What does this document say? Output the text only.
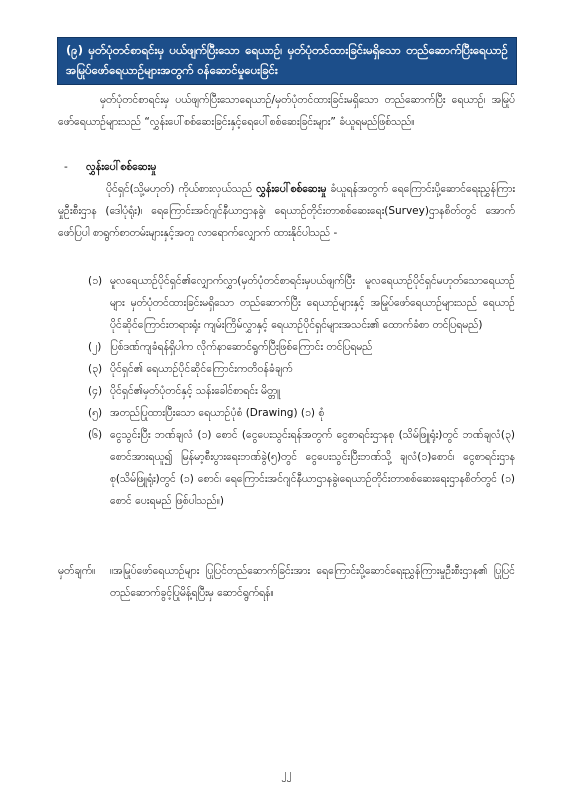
(၉) မှတ်ပုံတင်စာရင်းမှ ပယ်ဖျက်ပြီးသော ရေယာဉ်၊ မှတ်ပုံတင်ထားခြင်းမရှိသော တည်ဆောက်ပြီးရေယာဉ် အမြုပ်ဖော်ရေယာဉ်များအတွက် ဝန်ဆောင်မှုပေးခြင်း
မှတ်ပုံတင်စာရင်းမှ ပယ်ဖျက်ပြီးသောရေယာဉ်/မှတ်ပုံတင်ထားခြင်းမရှိသော တည်ဆောက်ပြီး ရေယာဉ်၊ အမြုပ်ဖော်ရေယာဉ်များသည် “လွှန်းပေါ်စစ်ဆေးခြင်းနှင့်ရေပေါ်စစ်ဆေးခြင်းများ” ခံယူရမည်ဖြစ်သည်။
- လွှန်းပေါ်စစ်ဆေးမှု
ပိုင်ရှင်(သို့မဟုတ်) ကိုယ်စားလှယ်သည် လွှန်းပေါ်စစ်ဆေးမှု ခံယူရန်အတွက် ရေကြောင်းပို့ဆောင်ရေးညွှန်ကြားမှုဦးစီးဌာန (ဒေါပုံရုံး)၊ ရေကြောင်းအင်ဂျင်နီယာဌာနခွဲ၊ ရေယာဉ်တိုင်းတာစစ်ဆေးရေး(Survey)ဌာနစိတ်တွင် အောက်ဖော်ပြပါ စာရွက်စာတမ်းများနှင့်အတူ လာရောက်လျှောက် ထားနိုင်ပါသည် -
(၁) မူလရေယာဉ်ပိုင်ရှင်၏လျှောက်လွှာ(မှတ်ပုံတင်စာရင်းမှပယ်ဖျက်ပြီး မူလရေယာဉ်ပိုင်ရှင်မဟုတ်သောရေယာဉ်များ မှတ်ပုံတင်ထားခြင်းမရှိသော တည်ဆောက်ပြီး ရေယာဉ်များနှင့် အမြုပ်ဖော်ရေယာဉ်များသည် ရေယာဉ်ပိုင်ဆိုင်ကြောင်းတရားရုံး ကျမ်းကြိမ်လွှာနှင့် ရေယာဉ်ပိုင်ရှင်များအသင်း၏ ထောက်ခံစာ တင်ပြရမည်)
(၂) ပြစ်ဒဏ်ကျခံရန်ရှိပါက လိုက်နာဆောင်ရွက်ပြီးဖြစ်ကြောင်း တင်ပြရမည်
(၃) ပိုင်ရှင်၏ ရေယာဉ်ပိုင်ဆိုင်ကြောင်းကတိဝန်ခံချက်
(၄) ပိုင်ရှင်၏မှတ်ပုံတင်နှင့် သန်းခေါင်စာရင်း မိတ္တူ
(၅) အတည်ပြုထားပြီးသော ရေယာဉ်ပုံစံ (Drawing) (၁) စုံ
(၆) ငွေသွင်းပြီး ဘဏ်ချလံ (၁) စောင် (ငွေပေးသွင်းရန်အတွက် ငွေစာရင်းဌာနစု (သိမ်ဖြူရုံး)တွင် ဘဏ်ချလံ(၃) စောင်အားရယူ၍ မြန်မာ့စီးပွားရေးဘဏ်ခွဲ(၅)တွင် ငွေပေးသွင်းပြီးဘဏ်သို့ ချလံ(၁)စောင်၊ ငွေစာရင်းဌာနစု(သိမ်ဖြူရုံး)တွင် (၁) စောင်၊ ရေကြောင်းအင်ဂျင်နီယာဌာနခွဲ၊ရေယာဉ်တိုင်းတာစစ်ဆေးရေးဌာနစိတ်တွင် (၁) စောင် ပေးရမည် ဖြစ်ပါသည်။)
မှတ်ချက်။	။အမြုပ်ဖော်ရေယာဉ်များ ပြုပြင်တည်ဆောက်ခြင်းအား ရေကြောင်းပို့ဆောင်ရေးညွှန်ကြားမှုဦးစီးဌာန၏ ပြုပြင်တည်ဆောက်ခွင့်ပြုမိန့်ရပြီးမှ ဆောင်ရွက်ရန်။
၂၂
